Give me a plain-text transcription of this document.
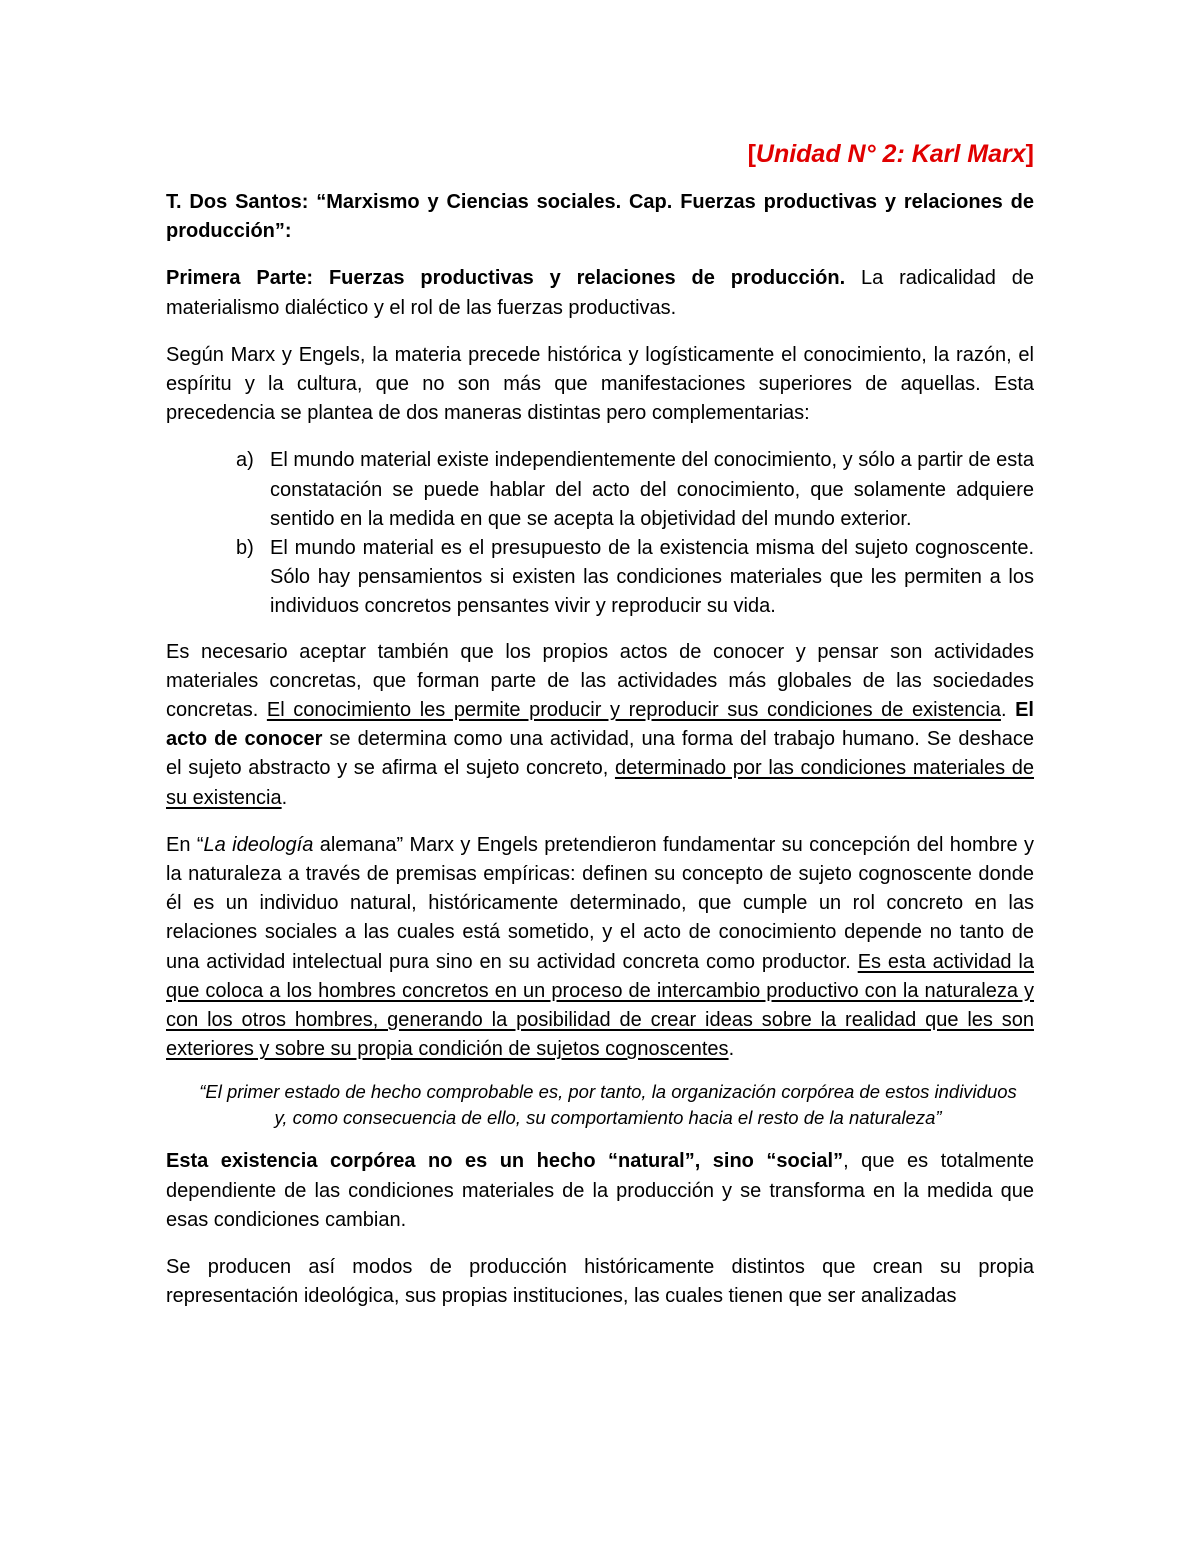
[Unidad N° 2: Karl Marx]

T. Dos Santos: “Marxismo y Ciencias sociales. Cap. Fuerzas productivas y relaciones de producción”:

Primera Parte: Fuerzas productivas y relaciones de producción. La radicalidad de materialismo dialéctico y el rol de las fuerzas productivas.

Según Marx y Engels, la materia precede histórica y logísticamente el conocimiento, la razón, el espíritu y la cultura, que no son más que manifestaciones superiores de aquellas. Esta precedencia se plantea de dos maneras distintas pero complementarias:

a) El mundo material existe independientemente del conocimiento, y sólo a partir de esta constatación se puede hablar del acto del conocimiento, que solamente adquiere sentido en la medida en que se acepta la objetividad del mundo exterior.
b) El mundo material es el presupuesto de la existencia misma del sujeto cognoscente. Sólo hay pensamientos si existen las condiciones materiales que les permiten a los individuos concretos pensantes vivir y reproducir su vida.

Es necesario aceptar también que los propios actos de conocer y pensar son actividades materiales concretas, que forman parte de las actividades más globales de las sociedades concretas. El conocimiento les permite producir y reproducir sus condiciones de existencia. El acto de conocer se determina como una actividad, una forma del trabajo humano. Se deshace el sujeto abstracto y se afirma el sujeto concreto, determinado por las condiciones materiales de su existencia.

En “La ideología alemana” Marx y Engels pretendieron fundamentar su concepción del hombre y la naturaleza a través de premisas empíricas: definen su concepto de sujeto cognoscente donde él es un individuo natural, históricamente determinado, que cumple un rol concreto en las relaciones sociales a las cuales está sometido, y el acto de conocimiento depende no tanto de una actividad intelectual pura sino en su actividad concreta como productor. Es esta actividad la que coloca a los hombres concretos en un proceso de intercambio productivo con la naturaleza y con los otros hombres, generando la posibilidad de crear ideas sobre la realidad que les son exteriores y sobre su propia condición de sujetos cognoscentes.

“El primer estado de hecho comprobable es, por tanto, la organización corpórea de estos individuos y, como consecuencia de ello, su comportamiento hacia el resto de la naturaleza”

Esta existencia corpórea no es un hecho “natural”, sino “social”, que es totalmente dependiente de las condiciones materiales de la producción y se transforma en la medida que esas condiciones cambian.

Se producen así modos de producción históricamente distintos que crean su propia representación ideológica, sus propias instituciones, las cuales tienen que ser analizadas
